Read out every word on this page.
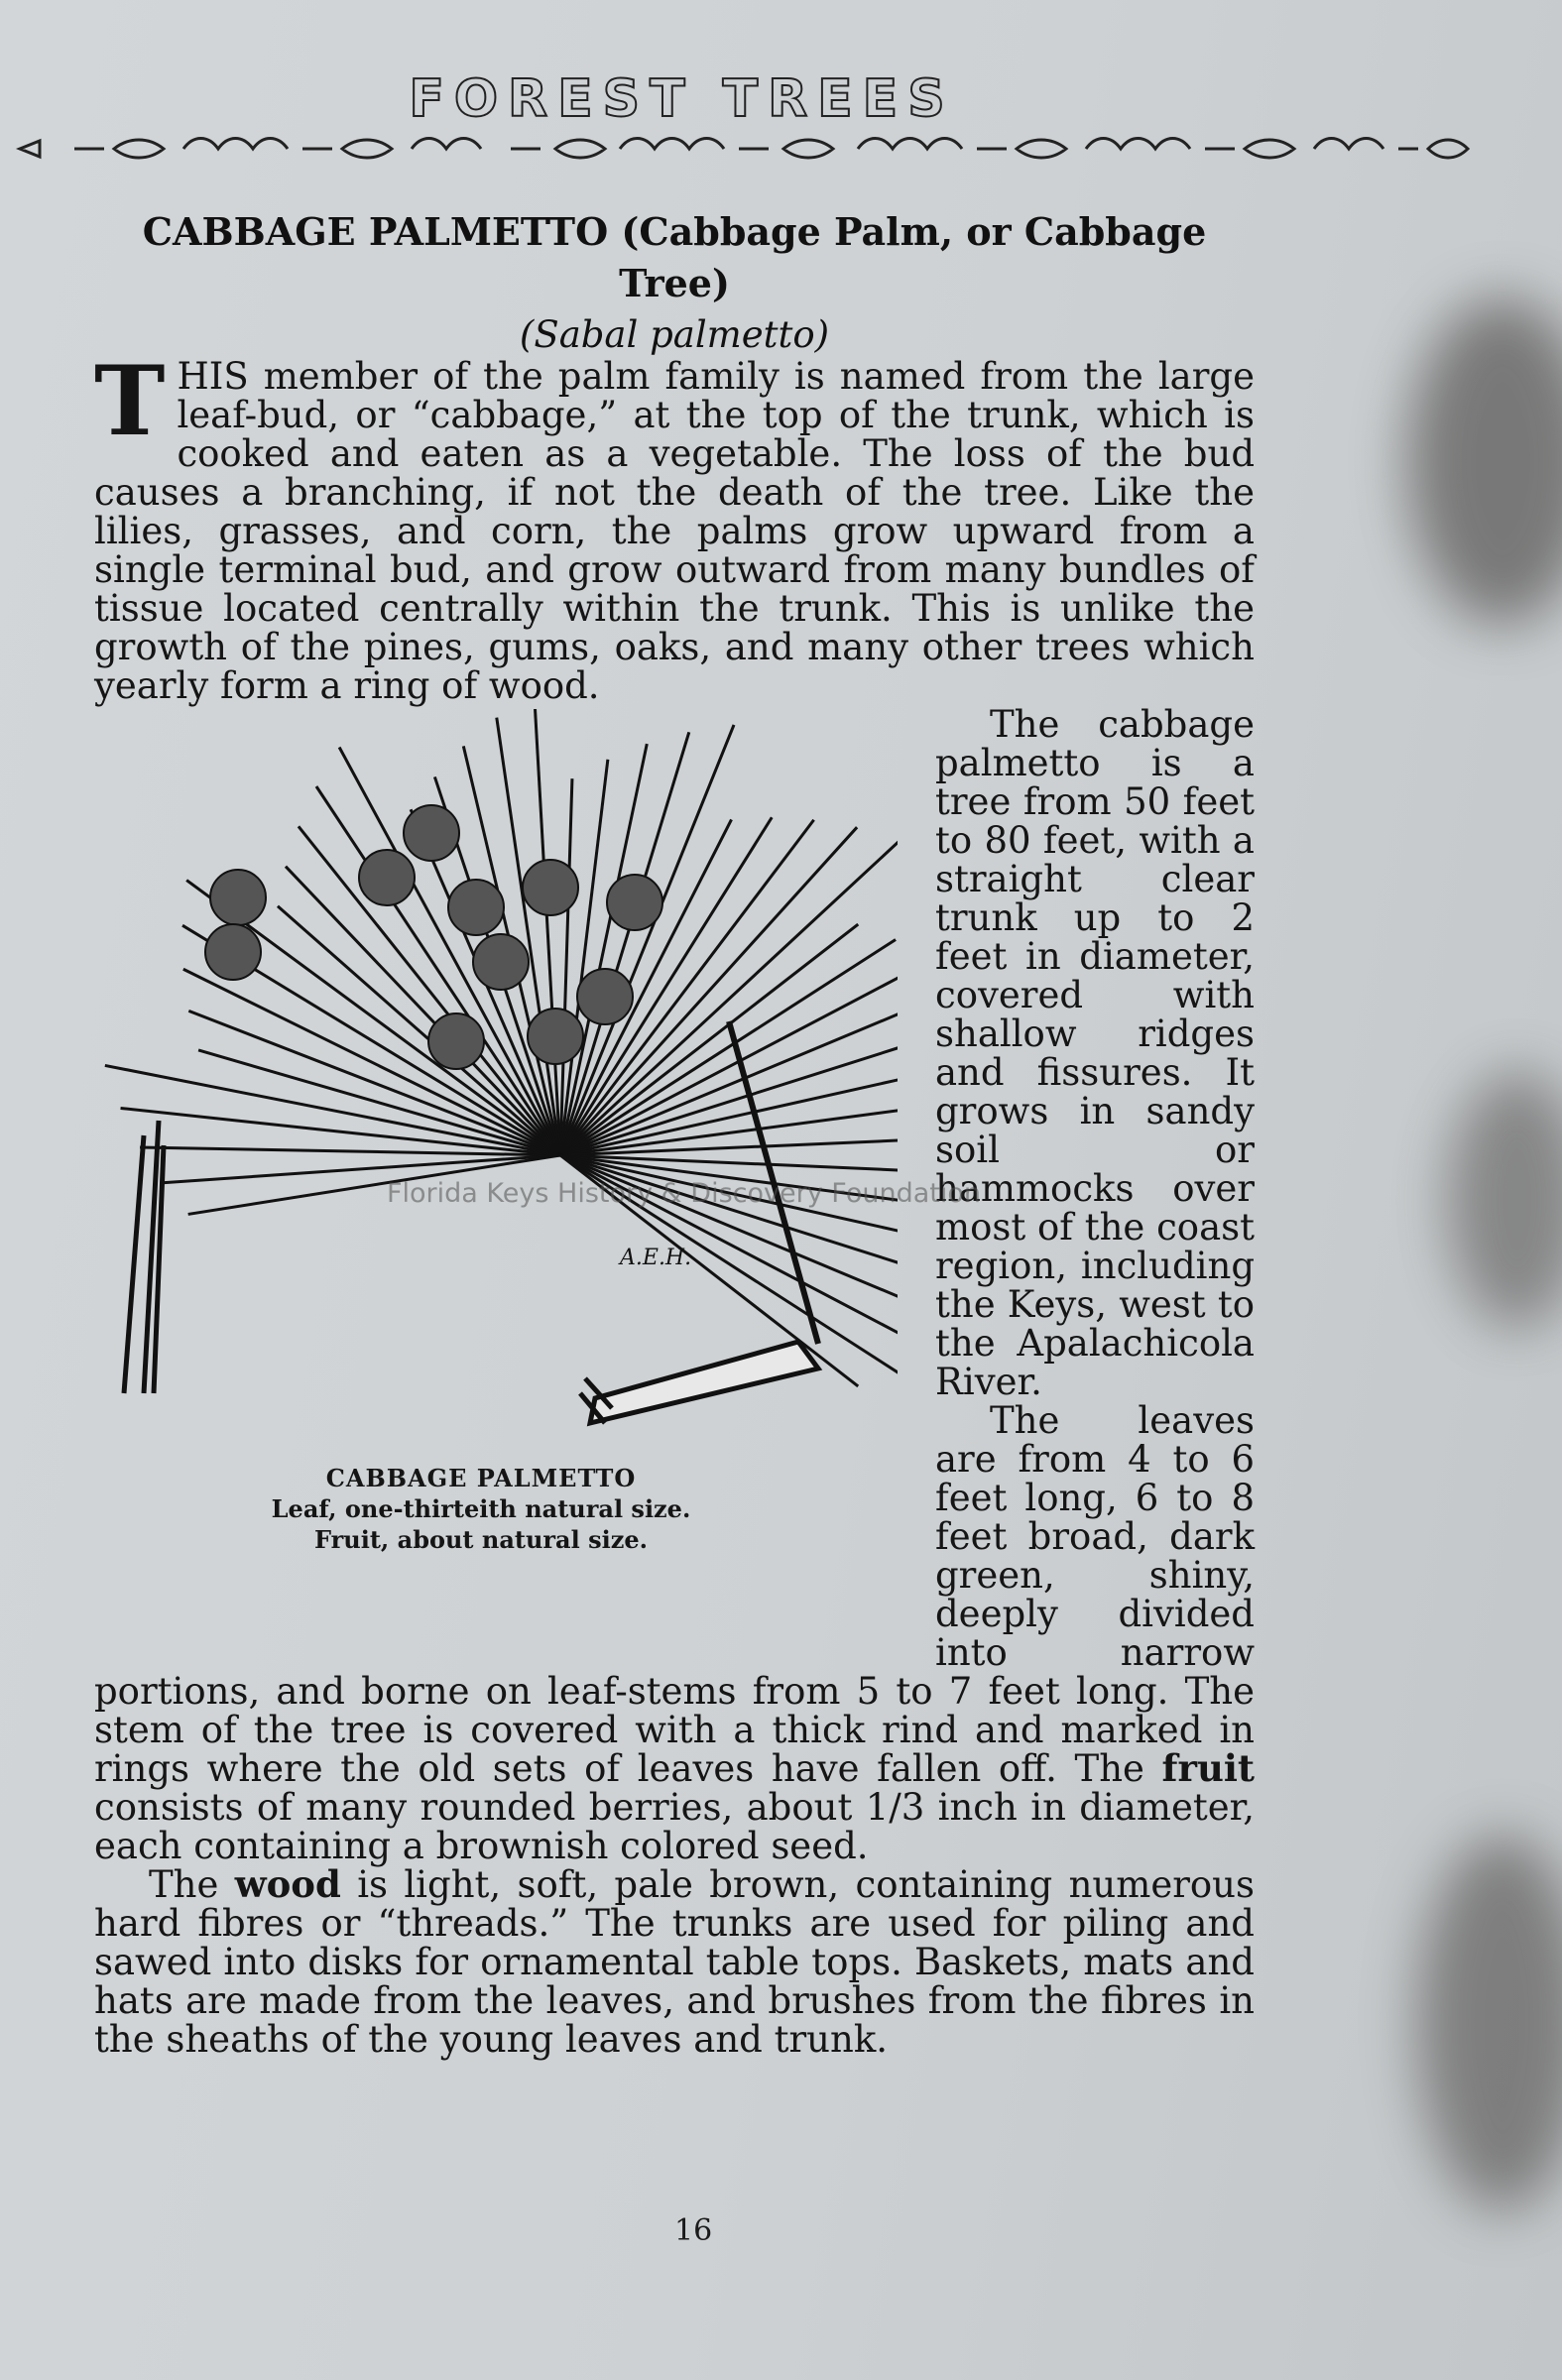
FOREST TREES
CABBAGE PALMETTO (Cabbage Palm, or Cabbage Tree)
(Sabal palmetto)

T HIS member of the palm family is named from the large leaf-bud, or “cabbage,” at the top of the trunk, which is cooked and eaten as a vegetable. The loss of the bud causes a branching, if not the death of the tree. Like the lilies, grasses, and corn, the palms grow upward from a single terminal bud, and grow outward from many bundles of tissue located centrally within the trunk. This is unlike the growth of the pines, gums, oaks, and many other trees which yearly form a ring of wood.

A.E.H.
CABBAGE PALMETTO
Leaf, one-thirteith natural size.
Fruit, about natural size.

The cabbage palmetto is a tree from 50 feet to 80 feet, with a straight clear trunk up to 2 feet in diameter, covered with shallow ridges and fissures. It grows in sandy soil or hammocks over most of the coast region, including the Keys, west to the Apalachicola River.

The leaves are from 4 to 6 feet long, 6 to 8 feet broad, dark green, shiny, deeply divided into narrow portions, and borne on leaf-stems from 5 to 7 feet long. The stem of the tree is covered with a thick rind and marked in rings where the old sets of leaves have fallen off. The fruit consists of many rounded berries, about 1/3 inch in diameter, each containing a brownish colored seed.

The wood is light, soft, pale brown, containing numerous hard fibres or “threads.” The trunks are used for piling and sawed into disks for ornamental table tops. Baskets, mats and hats are made from the leaves, and brushes from the fibres in the sheaths of the young leaves and trunk.

Florida Keys History & Discovery Foundation
16
